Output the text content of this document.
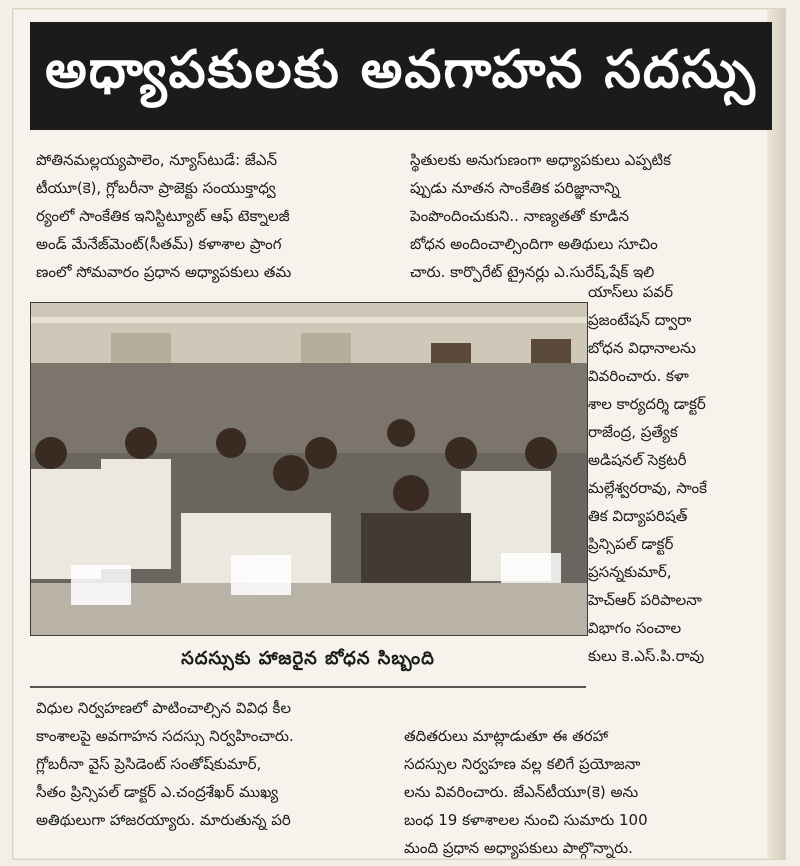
అధ్యాపకులకు అవగాహన సదస్సు
పోతినమల్లయ్యపాలెం, న్యూస్‌టుడే: జేఎన్‌
టీయూ(కె), గ్లోబరీనా ప్రాజెక్టు సంయుక్తాధ్వ
ర్యంలో సాంకేతిక ఇనిస్టిట్యూట్ ఆఫ్ టెక్నాలజీ
అండ్ మేనేజ్‌మెంట్(సీతమ్) కళాశాల ప్రాంగ
ణంలో సోమవారం ప్రధాన అధ్యాపకులు తమ
స్థితులకు అనుగుణంగా అధ్యాపకులు ఎప్పటిక
ప్పుడు నూతన సాంకేతిక పరిజ్ఞానాన్ని
పెంపొందించుకుని.. నాణ్యతతో కూడిన
బోధన అందించాల్సిందిగా అతిథులు సూచిం
చారు. కార్పొరేట్ ట్రైనర్లు ఎ.సురేష్,షేక్ ఇలి
సదస్సుకు హాజరైన బోధన సిబ్బంది
యాస్‌లు పవర్
ప్రజంటేషన్ ద్వారా
బోధన విధానాలను
వివరించారు. కళా
శాల కార్యదర్శి డాక్టర్
రాజేంద్ర, ప్రత్యేక
అడిషనల్ సెక్రటరీ
మల్లేశ్వరరావు, సాంకే
తిక విద్యాపరిషత్
ప్రిన్సిపల్ డాక్టర్
ప్రసన్నకుమార్,
హెచ్ఆర్ పరిపాలనా
విభాగం సంచాల
కులు కె.ఎస్.పి.రావు
విధుల నిర్వహణలో పాటించాల్సిన వివిధ కీల
కాంశాలపై అవగాహన సదస్సు నిర్వహించారు.
గ్లోబరీనా వైస్ ప్రెసిడెంట్ సంతోష్‌కుమార్,
సీతం ప్రిన్సిపల్ డాక్టర్ ఎ.చంద్రశేఖర్ ముఖ్య
అతిథులుగా హాజరయ్యారు. మారుతున్న పరి
తదితరులు మాట్లాడుతూ ఈ తరహా
సదస్సుల నిర్వహణ వల్ల కలిగే ప్రయోజనా
లను వివరించారు. జేఎన్‌టీయూ(కె) అను
బంధ 19 కళాశాలల నుంచి సుమారు 100
మంది ప్రధాన అధ్యాపకులు పాల్గొన్నారు.
